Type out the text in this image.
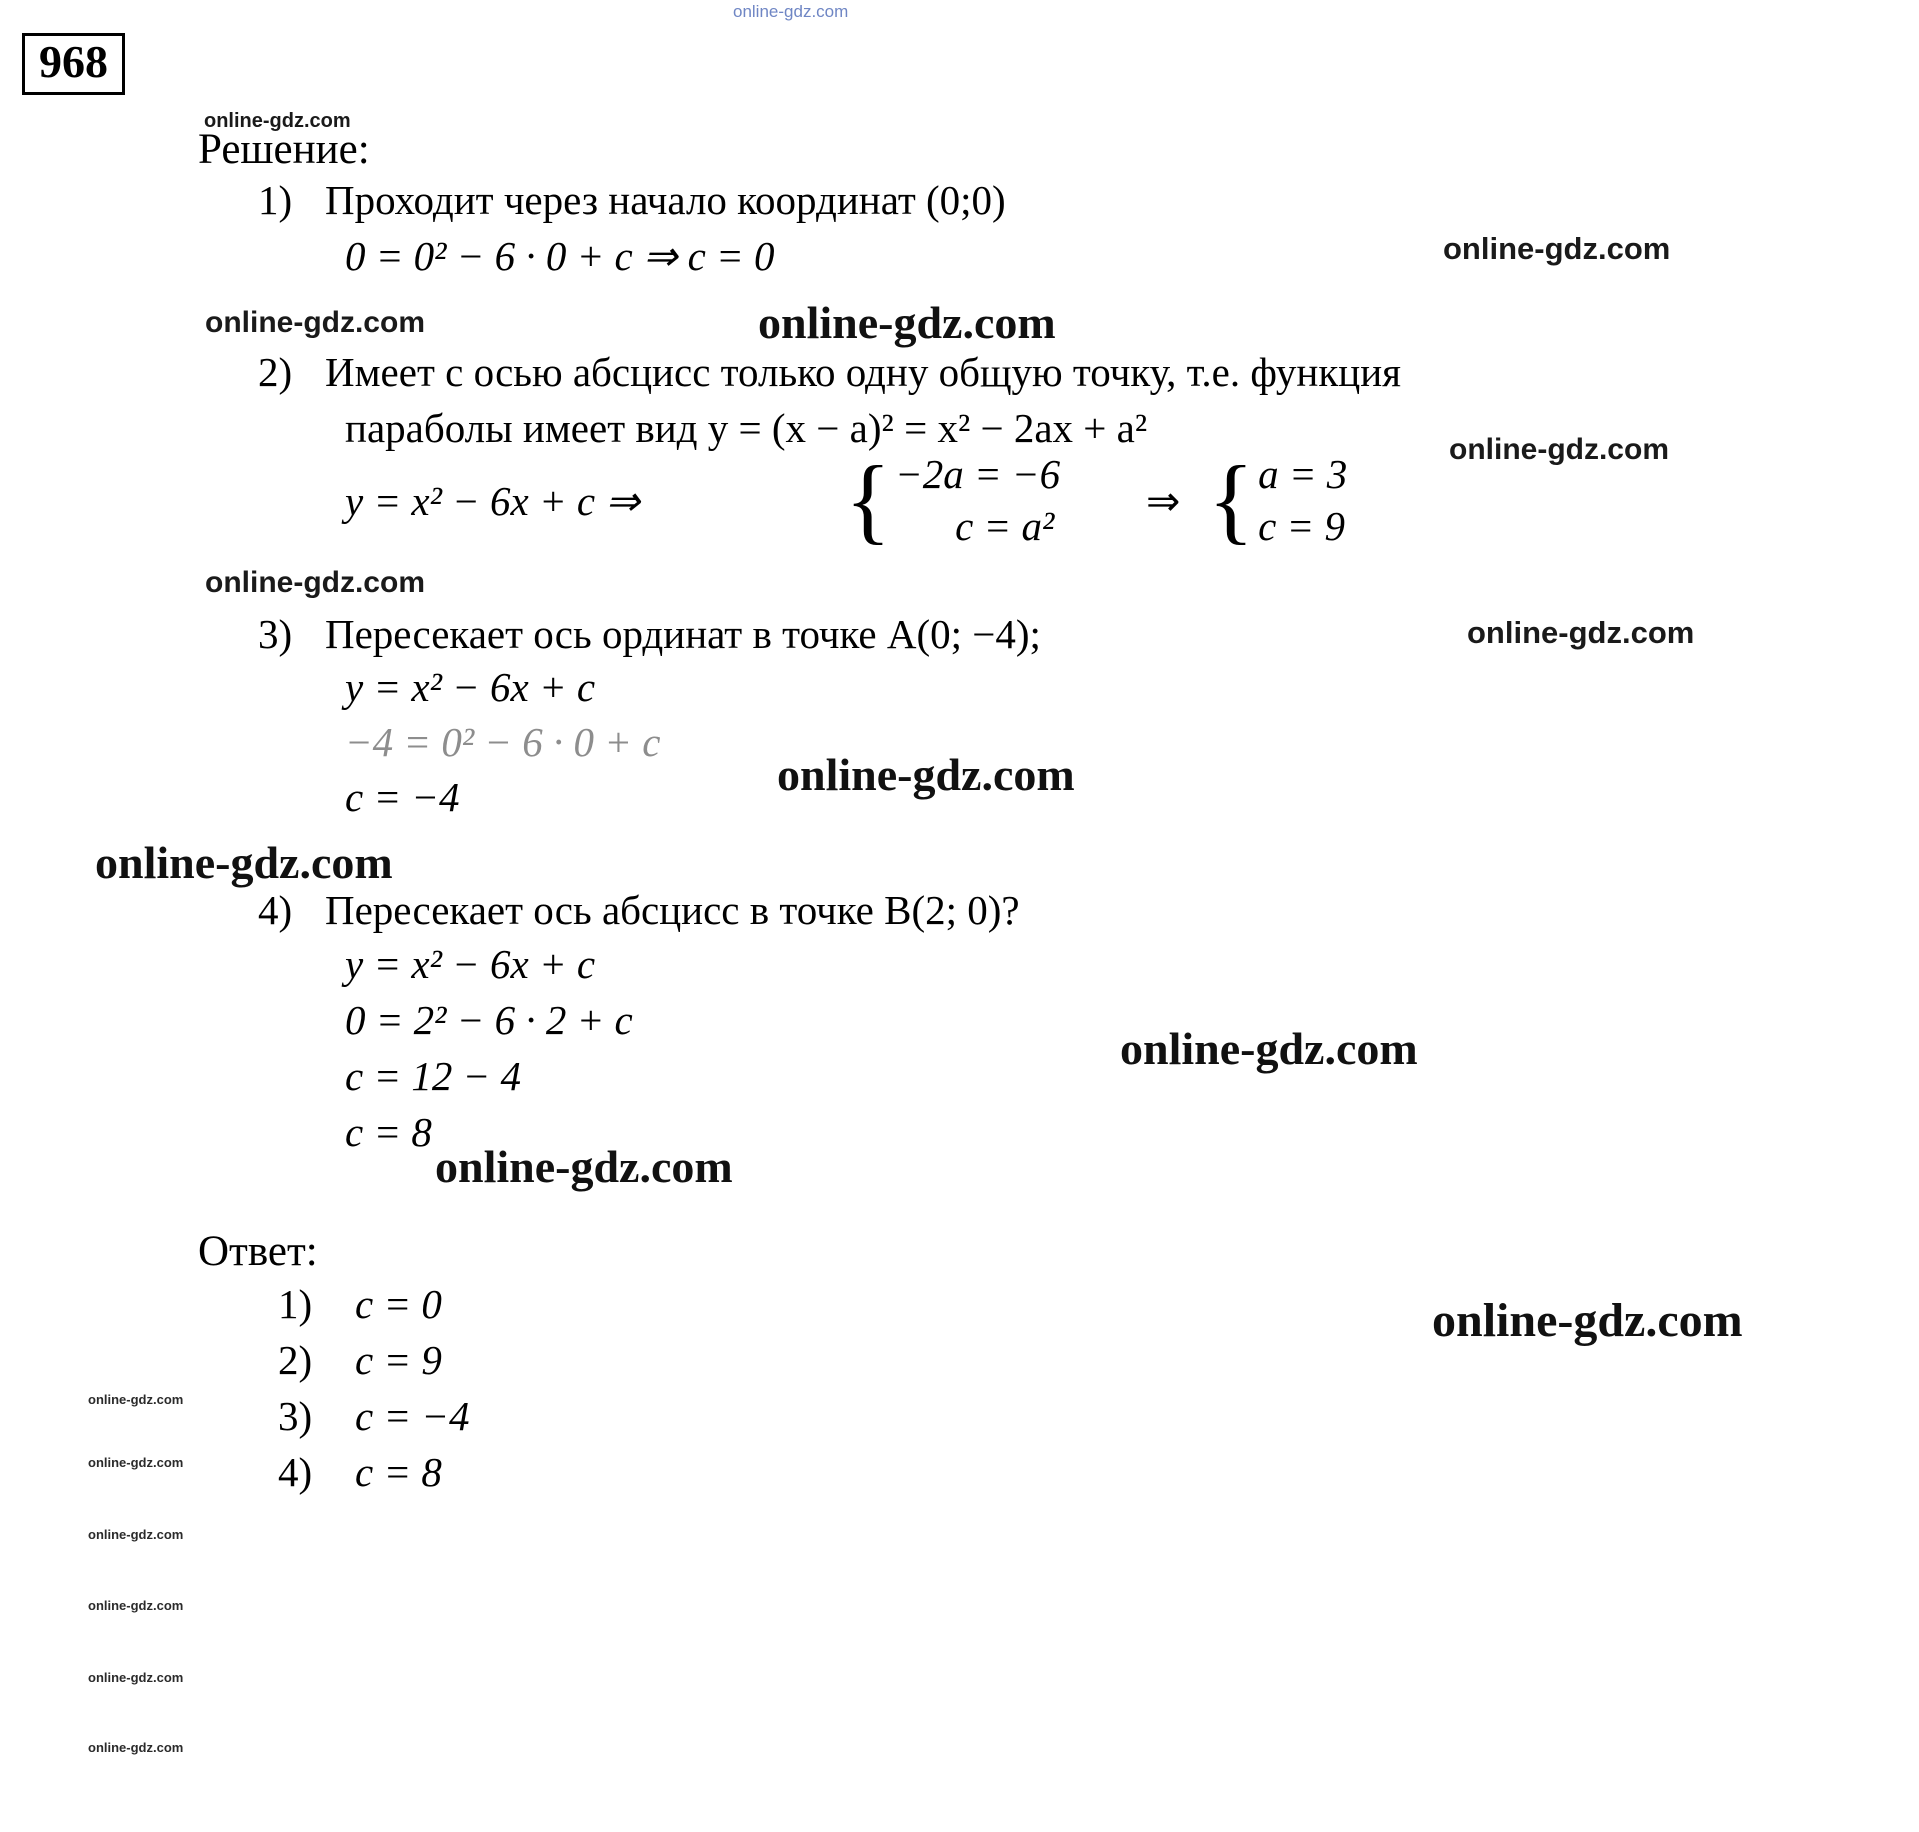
online-gdz.com
968
Решение:
online-gdz.com
1) Проходит через начало координат (0;0)
0 = 0² − 6 · 0 + c ⇒ c = 0	online-gdz.com
online-gdz.com	online-gdz.com
2) Имеет с осью абсцисс только одну общую точку, т.е. функция
параболы имеет вид y = (x − a)² = x² − 2ax + a²	online-gdz.com
y = x² − 6x + c ⇒ { −2a = −6
c = a²
⇒ { a = 3
c = 9
online-gdz.com
3) Пересекает ось ординат в точке A(0; −4);	online-gdz.com
y = x² − 6x + c
−4 = 0² − 6 · 0 + c
c = −4	online-gdz.com
online-gdz.com
4) Пересекает ось абсцисс в точке B(2; 0)?
y = x² − 6x + c
0 = 2² − 6 · 2 + c
c = 12 − 4
c = 8
online-gdz.com
online-gdz.com
Ответ:
1) c = 0
2) c = 9
3) c = −4
4) c = 8
online-gdz.com
online-gdz.com
online-gdz.com
online-gdz.com
online-gdz.com
online-gdz.com
online-gdz.com
